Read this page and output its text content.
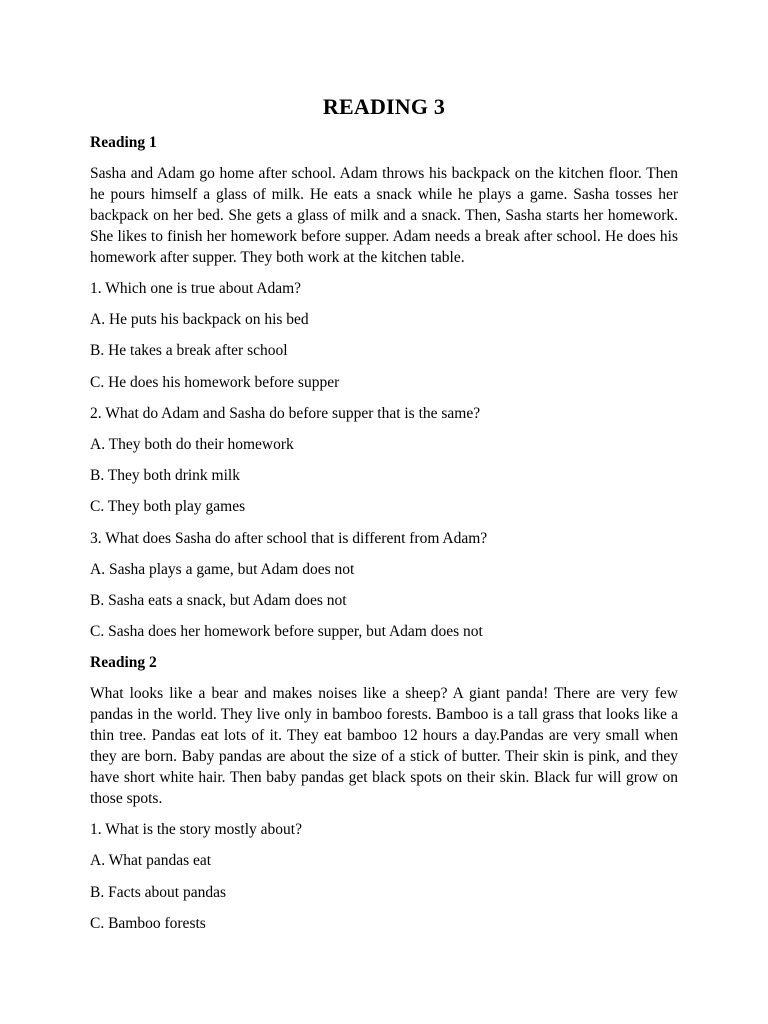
READING 3
Reading 1
Sasha and Adam go home after school. Adam throws his backpack on the kitchen floor. Then he pours himself a glass of milk. He eats a snack while he plays a game. Sasha tosses her backpack on her bed. She gets a glass of milk and a snack. Then, Sasha starts her homework. She likes to finish her homework before supper. Adam needs a break after school. He does his homework after supper. They both work at the kitchen table.
1. Which one is true about Adam?
A. He puts his backpack on his bed
B. He takes a break after school
C. He does his homework before supper
2. What do Adam and Sasha do before supper that is the same?
A. They both do their homework
B. They both drink milk
C. They both play games
3. What does Sasha do after school that is different from Adam?
A. Sasha plays a game, but Adam does not
B. Sasha eats a snack, but Adam does not
C. Sasha does her homework before supper, but Adam does not
Reading 2
What looks like a bear and makes noises like a sheep? A giant panda! There are very few pandas in the world. They live only in bamboo forests. Bamboo is a tall grass that looks like a thin tree. Pandas eat lots of it. They eat bamboo 12 hours a day.Pandas are very small when they are born. Baby pandas are about the size of a stick of butter. Their skin is pink, and they have short white hair. Then baby pandas get black spots on their skin. Black fur will grow on those spots.
1. What is the story mostly about?
A. What pandas eat
B. Facts about pandas
C. Bamboo forests
